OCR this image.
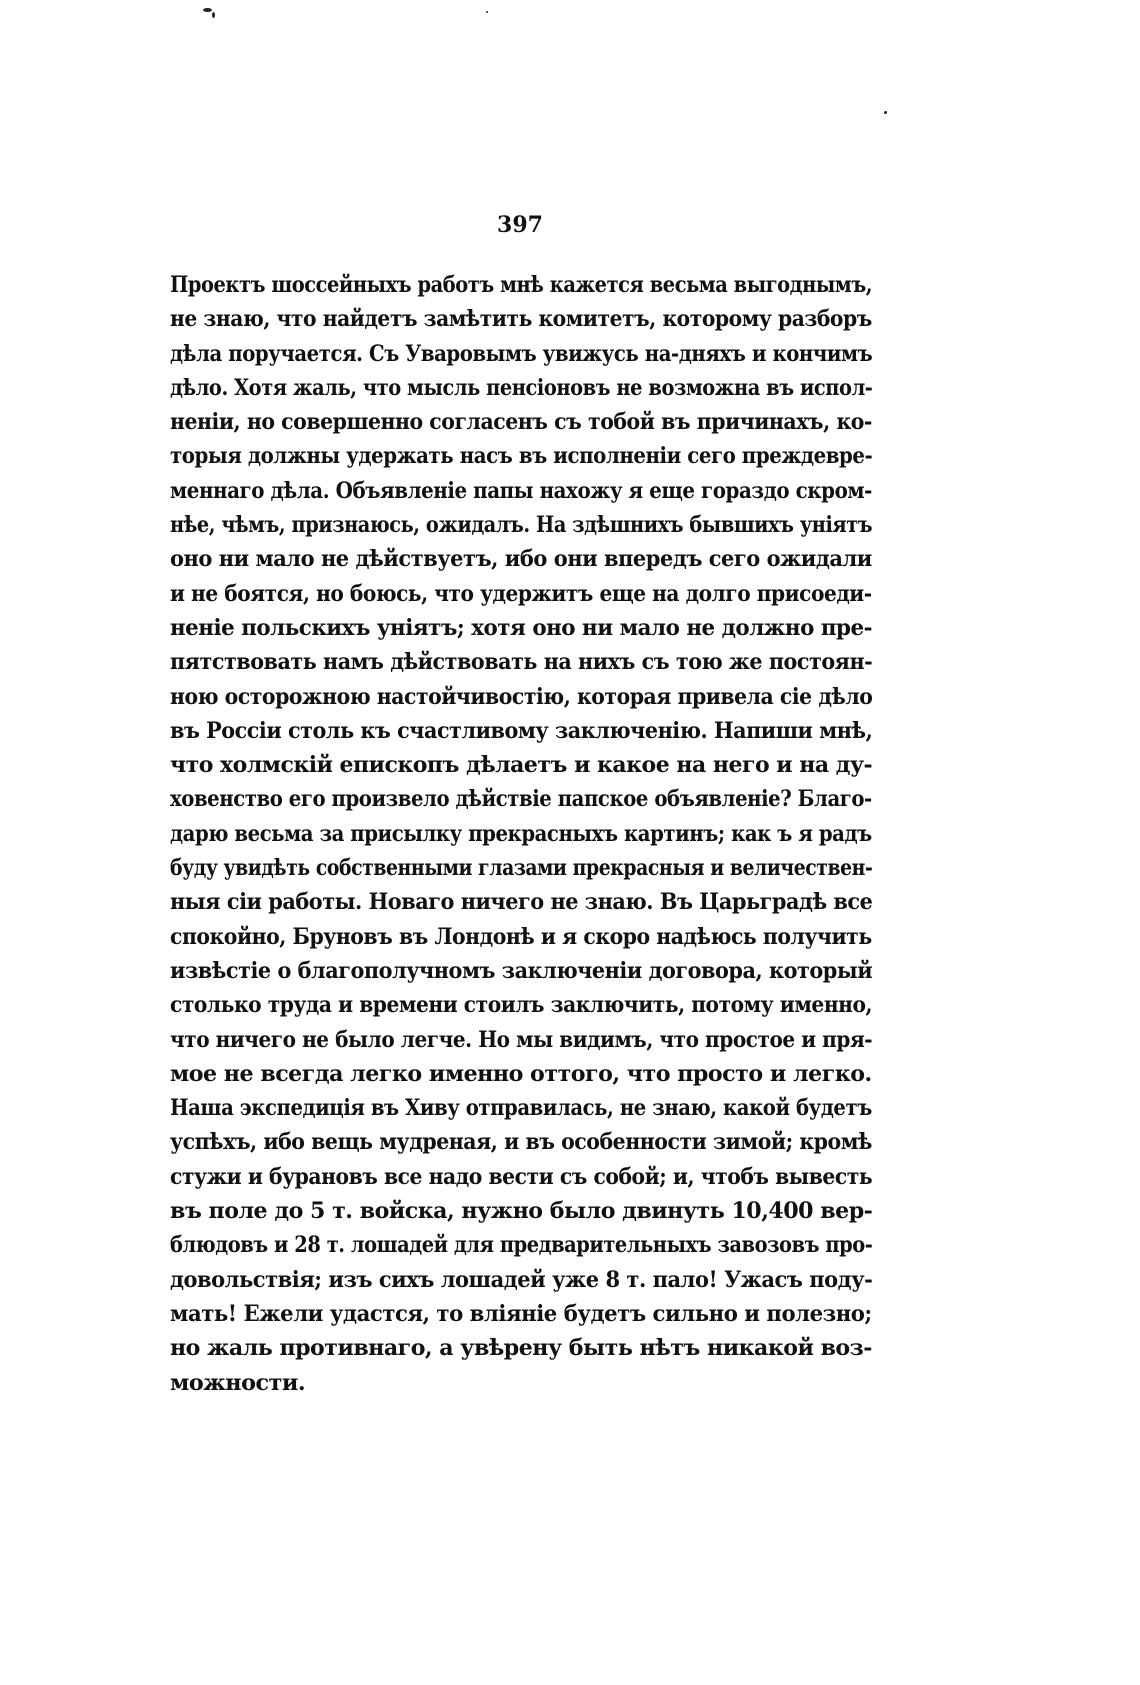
397
Проектъ шоссейныхъ работъ мнѣ кажется весьма выгоднымъ,
не знаю, что найдетъ замѣтить комитетъ, которому разборъ
дѣла поручается. Съ Уваровымъ увижусь на-дняхъ и кончимъ
дѣло. Хотя жаль, что мысль пенсіоновъ не возможна въ испол-
неніи, но совершенно согласенъ съ тобой въ причинахъ, ко-
торыя должны удержать насъ въ исполненіи сего преждевре-
меннаго дѣла. Объявленіе папы нахожу я еще гораздо скром-
нѣе, чѣмъ, признаюсь, ожидалъ. На здѣшнихъ бывшихъ уніятъ
оно ни мало не дѣйствуетъ, ибо они впередъ сего ожидали
и не боятся, но боюсь, что удержитъ еще на долго присоеди-
неніе польскихъ уніятъ; хотя оно ни мало не должно пре-
пятствовать намъ дѣйствовать на нихъ съ тою же постоян-
ною осторожною настойчивостію, которая привела сіе дѣло
въ Россіи столь къ счастливому заключенію. Напиши мнѣ,
что холмскій епископъ дѣлаетъ и какое на него и на ду-
ховенство его произвело дѣйствіе папское объявленіе? Благо-
дарю весьма за присылку прекрасныхъ картинъ; как ъ я радъ
буду увидѣть собственными глазами прекрасныя и величествен-
ныя сіи работы. Новаго ничего не знаю. Въ Царьградѣ все
спокойно, Бруновъ въ Лондонѣ и я скоро надѣюсь получить
извѣстіе о благополучномъ заключеніи договора, который
столько труда и времени стоилъ заключить, потому именно,
что ничего не было легче. Но мы видимъ, что простое и пря-
мое не всегда легко именно оттого, что просто и легко.
Наша экспедиція въ Хиву отправилась, не знаю, какой будетъ
успѣхъ, ибо вещь мудреная, и въ особенности зимой; кромѣ
стужи и бурановъ все надо вести съ собой; и, чтобъ вывесть
въ поле до 5 т. войска, нужно было двинуть 10,400 вер-
блюдовъ и 28 т. лошадей для предварительныхъ завозовъ про-
довольствія; изъ сихъ лошадей уже 8 т. пало! Ужасъ поду-
мать! Ежели удастся, то вліяніе будетъ сильно и полезно;
но жаль противнаго, а увѣрену быть нѣтъ никакой воз-
можности.
